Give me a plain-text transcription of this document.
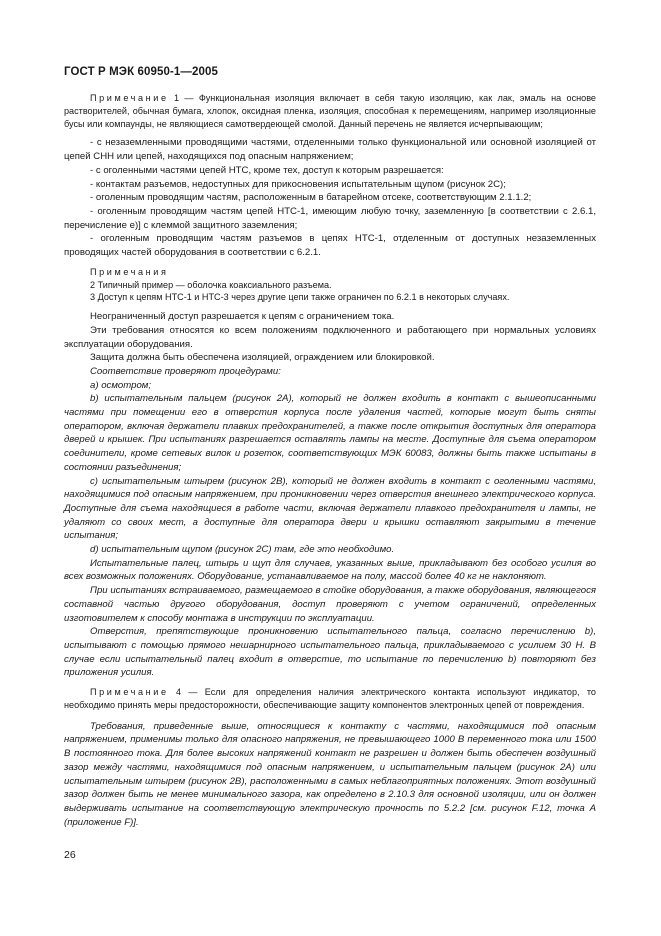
ГОСТ Р МЭК 60950-1—2005

Примечание 1 — Функциональная изоляция включает в себя такую изоляцию, как лак, эмаль на основе растворителей, обычная бумага, хлопок, оксидная пленка, изоляция, способная к перемещениям, например изоляционные бусы или компаунды, не являющиеся самотвердеющей смолой. Данный перечень не является исчерпывающим;

- с незаземленными проводящими частями, отделенными только функциональной или основной изоляцией от цепей СНН или цепей, находящихся под опасным напряжением;

- с оголенными частями цепей НТС, кроме тех, доступ к которым разрешается:

- контактам разъемов, недоступных для прикосновения испытательным щупом (рисунок 2С);

- оголенным проводящим частям, расположенным в батарейном отсеке, соответствующим 2.1.1.2;

- оголенным проводящим частям цепей НТС-1, имеющим любую точку, заземленную [в соответствии с 2.6.1, перечисление е)] с клеммой защитного заземления;

- оголенным проводящим частям разъемов в цепях НТС-1, отделенным от доступных незаземленных проводящих частей оборудования в соответствии с 6.2.1.

Примечания

2 Типичный пример — оболочка коаксиального разъема.

3 Доступ к цепям НТС-1 и НТС-3 через другие цепи также ограничен по 6.2.1 в некоторых случаях.

Неограниченный доступ разрешается к цепям с ограничением тока.

Эти требования относятся ко всем положениям подключенного и работающего при нормальных условиях эксплуатации оборудования.

Защита должна быть обеспечена изоляцией, ограждением или блокировкой.

Соответствие проверяют процедурами:

a) осмотром;

b) испытательным пальцем (рисунок 2А), который не должен входить в контакт с вышеописанными частями при помещении его в отверстия корпуса после удаления частей, которые могут быть сняты оператором, включая держатели плавких предохранителей, а также после открытия доступных для оператора дверей и крышек. При испытаниях разрешается оставлять лампы на месте. Доступные для съема оператором соединители, кроме сетевых вилок и розеток, соответствующих МЭК 60083, должны быть также испытаны в состоянии разъединения;

c) испытательным штырем (рисунок 2В), который не должен входить в контакт с оголенными частями, находящимися под опасным напряжением, при проникновении через отверстия внешнего электрического корпуса. Доступные для съема находящиеся в работе части, включая держатели плавкого предохранителя и лампы, не удаляют со своих мест, а доступные для оператора двери и крышки оставляют закрытыми в течение испытания;

d) испытательным щупом (рисунок 2С) там, где это необходимо.

Испытательные палец, штырь и щуп для случаев, указанных выше, прикладывают без особого усилия во всех возможных положениях. Оборудование, устанавливаемое на полу, массой более 40 кг не наклоняют.

При испытаниях встраиваемого, размещаемого в стойке оборудования, а также оборудования, являющегося составной частью другого оборудования, доступ проверяют с учетом ограничений, определенных изготовителем к способу монтажа в инструкции по эксплуатации.

Отверстия, препятствующие проникновению испытательного пальца, согласно перечислению b), испытывают с помощью прямого нешарнирного испытательного пальца, прикладываемого с усилием 30 Н. В случае если испытательный палец входит в отверстие, то испытание по перечислению b) повторяют без приложения усилия.

Примечание 4 — Если для определения наличия электрического контакта используют индикатор, то необходимо принять меры предосторожности, обеспечивающие защиту компонентов электронных цепей от повреждения.

Требования, приведенные выше, относящиеся к контакту с частями, находящимися под опасным напряжением, применимы только для опасного напряжения, не превышающего 1000 В переменного тока или 1500 В постоянного тока. Для более высоких напряжений контакт не разрешен и должен быть обеспечен воздушный зазор между частями, находящимися под опасным напряжением, и испытательным пальцем (рисунок 2А) или испытательным штырем (рисунок 2В), расположенными в самых неблагоприятных положениях. Этот воздушный зазор должен быть не менее минимального зазора, как определено в 2.10.3 для основной изоляции, или он должен выдерживать испытание на соответствующую электрическую прочность по 5.2.2 [см. рисунок F.12, точка А (приложение F)].

26
